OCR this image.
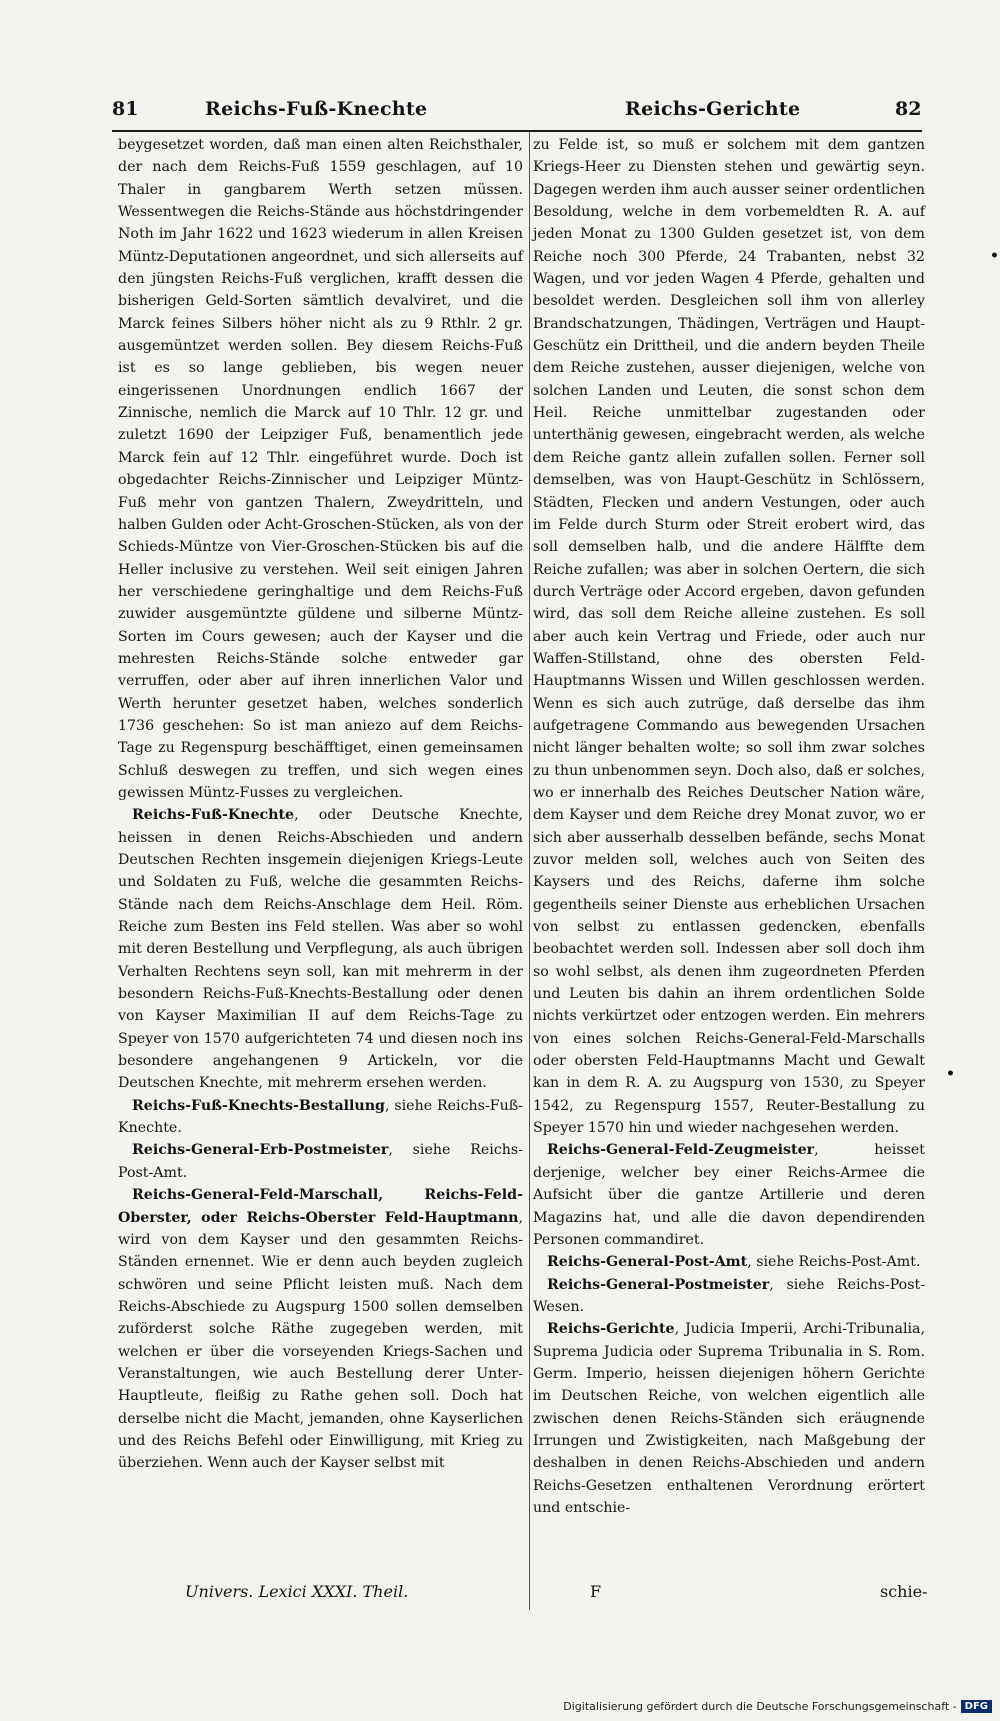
81	Reichs-Fuß-Knechte	Reichs-Gerichte	82

beygesetzet worden, daß man einen alten Reichsthaler, der nach dem Reichs-Fuß 1559 geschlagen, auf 10 Thaler in gangbarem Werth setzen müssen. Wessentwegen die Reichs-Stände aus höchstdringender Noth im Jahr 1622 und 1623 wiederum in allen Kreisen Müntz-Deputationen angeordnet, und sich allerseits auf den jüngsten Reichs-Fuß verglichen, krafft dessen die bisherigen Geld-Sorten sämtlich devalviret, und die Marck feines Silbers höher nicht als zu 9 Rthlr. 2 gr. ausgemüntzet werden sollen. Bey diesem Reichs-Fuß ist es so lange geblieben, bis wegen neuer eingerissenen Unordnungen endlich 1667 der Zinnische, nemlich die Marck auf 10 Thlr. 12 gr. und zuletzt 1690 der Leipziger Fuß, benamentlich jede Marck fein auf 12 Thlr. eingeführet wurde. Doch ist obgedachter Reichs-Zinnischer und Leipziger Müntz-Fuß mehr von gantzen Thalern, Zweydritteln, und halben Gulden oder Acht-Groschen-Stücken, als von der Schieds-Müntze von Vier-Groschen-Stücken bis auf die Heller inclusive zu verstehen. Weil seit einigen Jahren her verschiedene geringhaltige und dem Reichs-Fuß zuwider ausgemüntzte güldene und silberne Müntz-Sorten im Cours gewesen; auch der Kayser und die mehresten Reichs-Stände solche entweder gar verruffen, oder aber auf ihren innerlichen Valor und Werth herunter gesetzet haben, welches sonderlich 1736 geschehen: So ist man aniezo auf dem Reichs-Tage zu Regenspurg beschäfftiget, einen gemeinsamen Schluß deswegen zu treffen, und sich wegen eines gewissen Müntz-Fusses zu vergleichen.

Reichs-Fuß-Knechte, oder Deutsche Knechte, heissen in denen Reichs-Abschieden und andern Deutschen Rechten insgemein diejenigen Kriegs-Leute und Soldaten zu Fuß, welche die gesammten Reichs-Stände nach dem Reichs-Anschlage dem Heil. Röm. Reiche zum Besten ins Feld stellen. Was aber so wohl mit deren Bestellung und Verpflegung, als auch übrigen Verhalten Rechtens seyn soll, kan mit mehrerm in der besondern Reichs-Fuß-Knechts-Bestallung oder denen von Kayser Maximilian II auf dem Reichs-Tage zu Speyer von 1570 aufgerichteten 74 und diesen noch ins besondere angehangenen 9 Artickeln, vor die Deutschen Knechte, mit mehrerm ersehen werden.

Reichs-Fuß-Knechts-Bestallung, siehe Reichs-Fuß-Knechte.

Reichs-General-Erb-Postmeister, siehe Reichs-Post-Amt.

Reichs-General-Feld-Marschall, Reichs-Feld-Oberster, oder Reichs-Oberster Feld-Hauptmann, wird von dem Kayser und den gesammten Reichs-Ständen ernennet. Wie er denn auch beyden zugleich schwören und seine Pflicht leisten muß. Nach dem Reichs-Abschiede zu Augspurg 1500 sollen demselben zuförderst solche Räthe zugegeben werden, mit welchen er über die vorseyenden Kriegs-Sachen und Veranstaltungen, wie auch Bestellung derer Unter-Hauptleute, fleißig zu Rathe gehen soll. Doch hat derselbe nicht die Macht, jemanden, ohne Kayserlichen und des Reichs Befehl oder Einwilligung, mit Krieg zu überziehen. Wenn auch der Kayser selbst mit

zu Felde ist, so muß er solchem mit dem gantzen Kriegs-Heer zu Diensten stehen und gewärtig seyn. Dagegen werden ihm auch ausser seiner ordentlichen Besoldung, welche in dem vorbemeldten R. A. auf jeden Monat zu 1300 Gulden gesetzet ist, von dem Reiche noch 300 Pferde, 24 Trabanten, nebst 32 Wagen, und vor jeden Wagen 4 Pferde, gehalten und besoldet werden. Desgleichen soll ihm von allerley Brandschatzungen, Thädingen, Verträgen und Haupt-Geschütz ein Drittheil, und die andern beyden Theile dem Reiche zustehen, ausser diejenigen, welche von solchen Landen und Leuten, die sonst schon dem Heil. Reiche unmittelbar zugestanden oder unterthänig gewesen, eingebracht werden, als welche dem Reiche gantz allein zufallen sollen. Ferner soll demselben, was von Haupt-Geschütz in Schlössern, Städten, Flecken und andern Vestungen, oder auch im Felde durch Sturm oder Streit erobert wird, das soll demselben halb, und die andere Hälffte dem Reiche zufallen; was aber in solchen Oertern, die sich durch Verträge oder Accord ergeben, davon gefunden wird, das soll dem Reiche alleine zustehen. Es soll aber auch kein Vertrag und Friede, oder auch nur Waffen-Stillstand, ohne des obersten Feld-Hauptmanns Wissen und Willen geschlossen werden. Wenn es sich auch zutrüge, daß derselbe das ihm aufgetragene Commando aus bewegenden Ursachen nicht länger behalten wolte; so soll ihm zwar solches zu thun unbenommen seyn. Doch also, daß er solches, wo er innerhalb des Reiches Deutscher Nation wäre, dem Kayser und dem Reiche drey Monat zuvor, wo er sich aber ausserhalb desselben befände, sechs Monat zuvor melden soll, welches auch von Seiten des Kaysers und des Reichs, daferne ihm solche gegentheils seiner Dienste aus erheblichen Ursachen von selbst zu entlassen gedencken, ebenfalls beobachtet werden soll. Indessen aber soll doch ihm so wohl selbst, als denen ihm zugeordneten Pferden und Leuten bis dahin an ihrem ordentlichen Solde nichts verkürtzet oder entzogen werden. Ein mehrers von eines solchen Reichs-General-Feld-Marschalls oder obersten Feld-Hauptmanns Macht und Gewalt kan in dem R. A. zu Augspurg von 1530, zu Speyer 1542, zu Regenspurg 1557, Reuter-Bestallung zu Speyer 1570 hin und wieder nachgesehen werden.

Reichs-General-Feld-Zeugmeister, heisset derjenige, welcher bey einer Reichs-Armee die Aufsicht über die gantze Artillerie und deren Magazins hat, und alle die davon dependirenden Personen commandiret.

Reichs-General-Post-Amt, siehe Reichs-Post-Amt.

Reichs-General-Postmeister, siehe Reichs-Post-Wesen.

Reichs-Gerichte, Judicia Imperii, Archi-Tribunalia, Suprema Judicia oder Suprema Tribunalia in S. Rom. Germ. Imperio, heissen diejenigen höhern Gerichte im Deutschen Reiche, von welchen eigentlich alle zwischen denen Reichs-Ständen sich eräugnende Irrungen und Zwistigkeiten, nach Maßgebung der deshalben in denen Reichs-Abschieden und andern Reichs-Gesetzen enthaltenen Verordnung erörtert und entschie-

Univers. Lexici XXXI. Theil.	F	schie-
•
•
Digitalisierung gefördert durch die Deutsche Forschungsgemeinschaft - DFG
